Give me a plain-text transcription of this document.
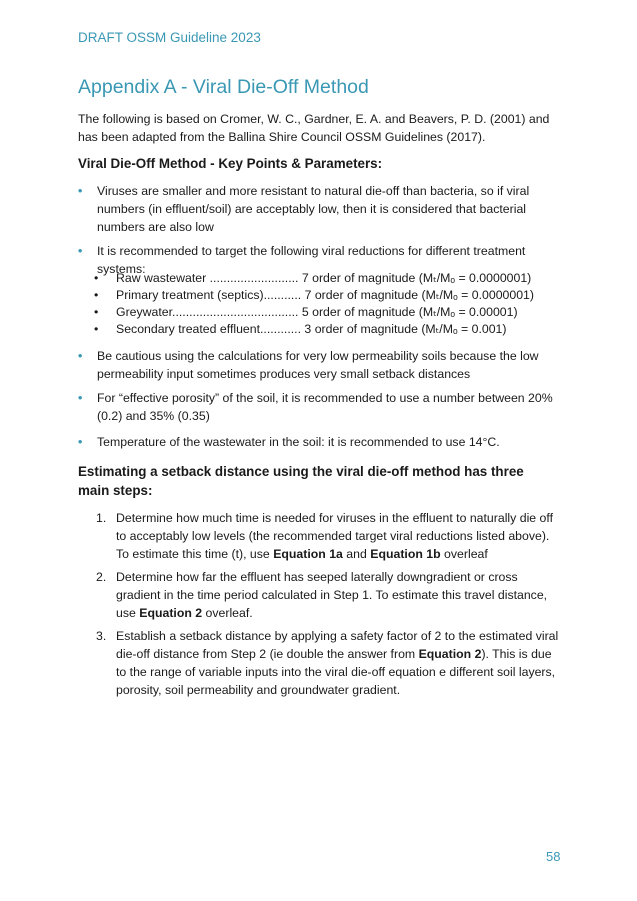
DRAFT OSSM Guideline 2023
Appendix A - Viral Die-Off Method

The following is based on Cromer, W. C., Gardner, E. A. and Beavers, P. D. (2001) and has been adapted from the Ballina Shire Council OSSM Guidelines (2017).

Viral Die-Off Method - Key Points & Parameters:
• Viruses are smaller and more resistant to natural die-off than bacteria, so if viral numbers (in effluent/soil) are acceptably low, then it is considered that bacterial numbers are also low
• It is recommended to target the following viral reductions for different treatment systems:
• Raw wastewater .......................... 7 order of magnitude (Mₜ/Mₒ = 0.0000001)
• Primary treatment (septics)........... 7 order of magnitude (Mₜ/Mₒ = 0.0000001)
• Greywater..................................... 5 order of magnitude (Mₜ/Mₒ = 0.00001)
• Secondary treated effluent............ 3 order of magnitude (Mₜ/Mₒ = 0.001)
• Be cautious using the calculations for very low permeability soils because the low permeability input sometimes produces very small setback distances
• For “effective porosity” of the soil, it is recommended to use a number between 20% (0.2) and 35% (0.35)
• Temperature of the wastewater in the soil: it is recommended to use 14°C.
Estimating a setback distance using the viral die-off method has three main steps:
1. Determine how much time is needed for viruses in the effluent to naturally die off to acceptably low levels (the recommended target viral reductions listed above). To estimate this time (t), use Equation 1a and Equation 1b overleaf
2. Determine how far the effluent has seeped laterally downgradient or cross gradient in the time period calculated in Step 1. To estimate this travel distance, use Equation 2 overleaf.
3. Establish a setback distance by applying a safety factor of 2 to the estimated viral die-off distance from Step 2 (ie double the answer from Equation 2). This is due to the range of variable inputs into the viral die-off equation e different soil layers, porosity, soil permeability and groundwater gradient.
58
